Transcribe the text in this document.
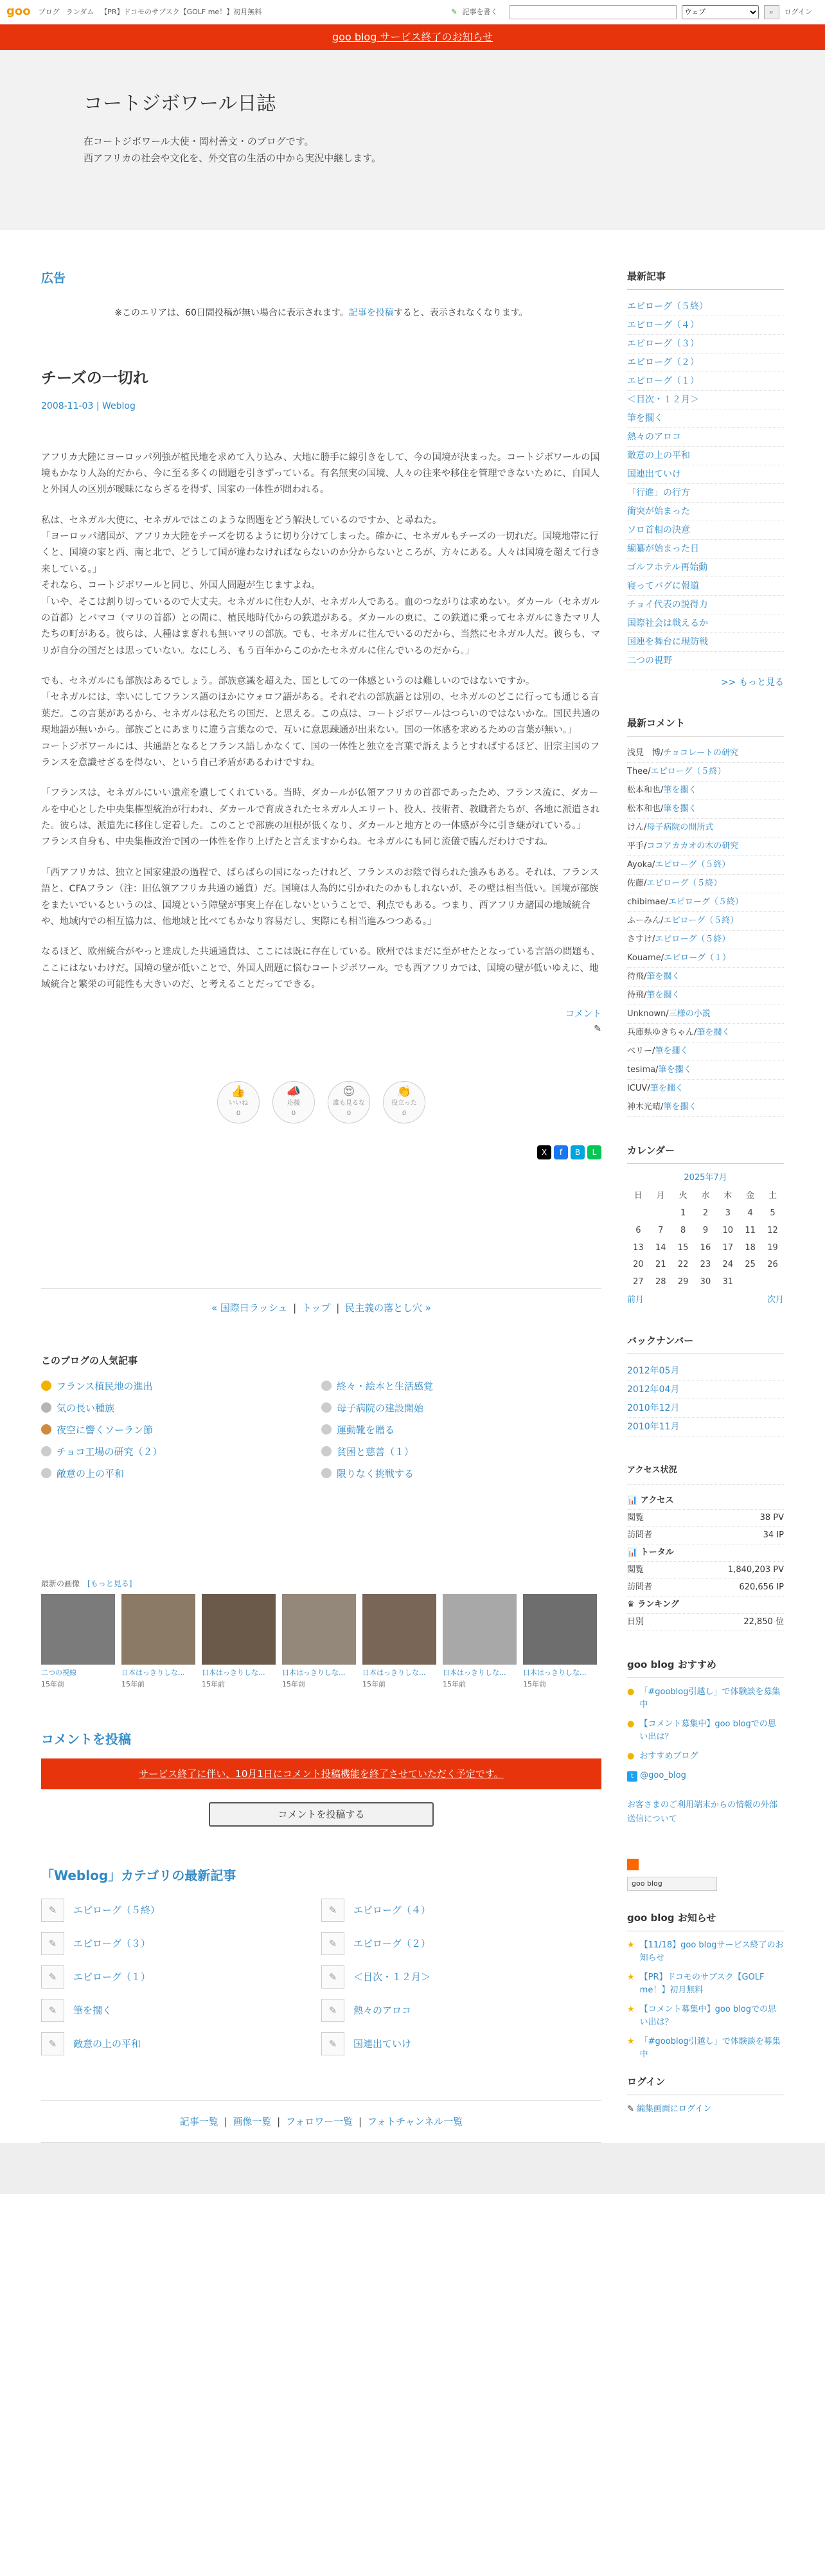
goo ブログ ランダム 【PR】ドコモのサブスク【GOLF me！】初月無料	✎ 記事を書く
ウェブ	⌕ ログイン
goo blog サービス終了のお知らせ
コートジボワール日誌

在コートジボワール大使・岡村善文・のブログです。

西アフリカの社会や文化を、外交官の生活の中から実況中継します。

広告
※このエリアは、60日間投稿が無い場合に表示されます。記事を投稿すると、表示されなくなります。
チーズの一切れ
2008-11-03 | Weblog

アフリカ大陸にヨーロッパ列強が植民地を求めて入り込み、大地に勝手に線引きをして、今の国境が決まった。コートジボワールの国境もかなり人為的だから、今に至る多くの問題を引きずっている。有名無実の国境、人々の往来や移住を管理できないために、自国人と外国人の区別が曖昧にならざるを得ず、国家の一体性が問われる。

私は、セネガル大使に、セネガルではこのような問題をどう解決しているのですか、と尋ねた。
「ヨーロッパ諸国が、アフリカ大陸をチーズを切るように切り分けてしまった。確かに、セネガルもチーズの一切れだ。国境地帯に行くと、国境の家と西、南と北で、どうして国が違わなければならないのか分からないところが、方々にある。人々は国境を超えて行き来している。」
それなら、コートジボワールと同じ、外国人問題が生じますよね。
「いや、そこは割り切っているので大丈夫。セネガルに住む人が、セネガル人である。血のつながりは求めない。ダカール（セネガルの首都）とバマコ（マリの首都）との間に、植民地時代からの鉄道がある。ダカールの東に、この鉄道に乗ってセネガルにきたマリ人たちの町がある。彼らは、人種はまぎれも無いマリの部族。でも、セネガルに住んでいるのだから、当然にセネガル人だ。彼らも、マリが自分の国だとは思っていない。なにしろ、もう百年からこのかたセネガルに住んでいるのだから。」

でも、セネガルにも部族はあるでしょう。部族意識を超えた、国としての一体感というのは難しいのではないですか。
「セネガルには、幸いにしてフランス語のほかにウォロフ語がある。それぞれの部族語とは別の、セネガルのどこに行っても通じる言葉だ。この言葉があるから、セネガルは私たちの国だ、と思える。この点は、コートジボワールはつらいのではないかな。国民共通の現地語が無いから。部族ごとにあまりに違う言葉なので、互いに意思疎通が出来ない。国の一体感を求めるための言葉が無い。」
コートジボワールには、共通語となるとフランス語しかなくて、国の一体性と独立を言葉で訴えようとすればするほど、旧宗主国のフランスを意識せざるを得ない、という自己矛盾があるわけですね。

「フランスは、セネガルにいい遺産を遺してくれている。当時、ダカールが仏領アフリカの首都であったため、フランス流に、ダカールを中心とした中央集権型統治が行われ、ダカールで育成されたセネガル人エリート、役人、技術者、教職者たちが、各地に派遣された。彼らは、派遣先に移住し定着した。このことで部族の垣根が低くなり、ダカールと地方との一体感が今に引き継がれている。」
フランス自身も、中央集権政治で国の一体性を作り上げたと言えますからね。セネガルにも同じ流儀で臨んだわけですね。

「西アフリカは、独立と国家建設の過程で、ばらばらの国になったけれど、フランスのお陰で得られた強みもある。それは、フランス語と、CFAフラン（注：旧仏領アフリカ共通の通貨）だ。国境は人為的に引かれたのかもしれないが、その壁は相当低い。国境が部族をまたいでいるというのは、国境という障壁が事実上存在しないということで、利点でもある。つまり、西アフリカ諸国の地域統合や、地域内での相互協力は、他地域と比べてもかなり容易だし、実際にも相当進みつつある。」

なるほど、欧州統合がやっと達成した共通通貨は、ここには既に存在している。欧州ではまだに至がせたとなっている言語の問題も、ここにはないわけだ。国境の壁が低いことで、外国人問題に悩むコートジボワール。でも西アフリカでは、国境の壁が低いゆえに、地域統合と繁栄の可能性も大きいのだ、と考えることだってできる。

コメント
✎
👍
いいね
0
📣
応援
0
😍
誰も見るな
0
👏
役立った
0
X	f	B	L
« 国際日ラッシュ | トップ | 民主義の落とし穴 »
このブログの人気記事
フランス植民地の進出	終々・絵本と生活感覚
気の長い種族	母子病院の建設開始
夜空に響くソーラン節	運動靴を贈る
チョコ工場の研究（２）	貧困と慈善（１）
敵意の上の平和	限りなく挑戦する
最新の画像　 [もっと見る]
二つの視線
15年前
日本はっきりしな...
15年前
日本はっきりしな...
15年前
日本はっきりしな...
15年前
日本はっきりしな...
15年前
日本はっきりしな...
15年前
日本はっきりしな...
15年前
コメントを投稿
サービス終了に伴い、10月1日にコメント投稿機能を終了させていただく予定です。
コメントを投稿する
「Weblog」カテゴリの最新記事
✎	エピローグ（５終）	✎	エピローグ（４）
✎	エピローグ（３）	✎	エピローグ（２）
✎	エピローグ（１）	✎	＜目次・１２月＞
✎	筆を擱く	✎	熱々のアロコ
✎	敵意の上の平和	✎	国連出ていけ
記事一覧 | 画像一覧 | フォロワー一覧 | フォトチャンネル一覧
最新記事
エピローグ（５終）
エピローグ（４）
エピローグ（３）
エピローグ（２）
エピローグ（１）
＜目次・１２月＞
筆を擱く
熱々のアロコ
敵意の上の平和
国連出ていけ
「行進」の行方
衝突が始まった
ソロ首相の決意
編纂が始まった日
ゴルフホテル再始動
寝ってバグに報道
チョイ代表の説得力
国際社会は戦えるか
国連を舞台に現防戦
二つの視野
>> もっと見る
最新コメント
浅見　博/チョコレートの研究
Thee/エピローグ（５終）
松本和也/筆を擱く
松本和也/筆を擱く
けん/母子病院の開所式
平手/ココアカカオの木の研究
Ayoka/エピローグ（５終）
佐藤/エピローグ（５終）
chibimae/エピローグ（５終）
ふーみん/エピローグ（５終）
さすけ/エピローグ（５終）
Kouame/エピローグ（１）
待飛/筆を擱く
待飛/筆を擱く
Unknown/三様の小説
兵庫県ゆきちゃん/筆を擱く
ベリー/筆を擱く
tesima/筆を擱く
ICUV/筆を擱く
神木光晴/筆を擱く
カレンダー
2025年7月
日	月	火	水	木	金	土
		1	2	3	4	5
6	7	8	9	10	11	12
13	14	15	16	17	18	19
20	21	22	23	24	25	26
27	28	29	30	31		
前月	次月
バックナンバー
2012年05月
2012年04月
2010年12月
2010年11月
アクセス状況
📊
アクセス
閲覧	38 PV
訪問者	34 IP
📊
トータル
閲覧	1,840,203 PV
訪問者	620,656 IP
♛
ランキング
日別	22,850 位
goo blog おすすめ
● 「#gooblog引越し」で体験談を募集中
● 【コメント募集中】goo blogでの思い出は？
● おすすめブログ
t @goo_blog
お客さまのご利用端末からの情報の外部送信について
goo blog
goo blog お知らせ
★ 【11/18】goo blogサービス終了のお知らせ
★ 【PR】ドコモのサブスク【GOLF me！】初月無料
★ 【コメント募集中】goo blogでの思い出は？
★ 「#gooblog引越し」で体験談を募集中
ログイン
✎ 編集画面にログイン
